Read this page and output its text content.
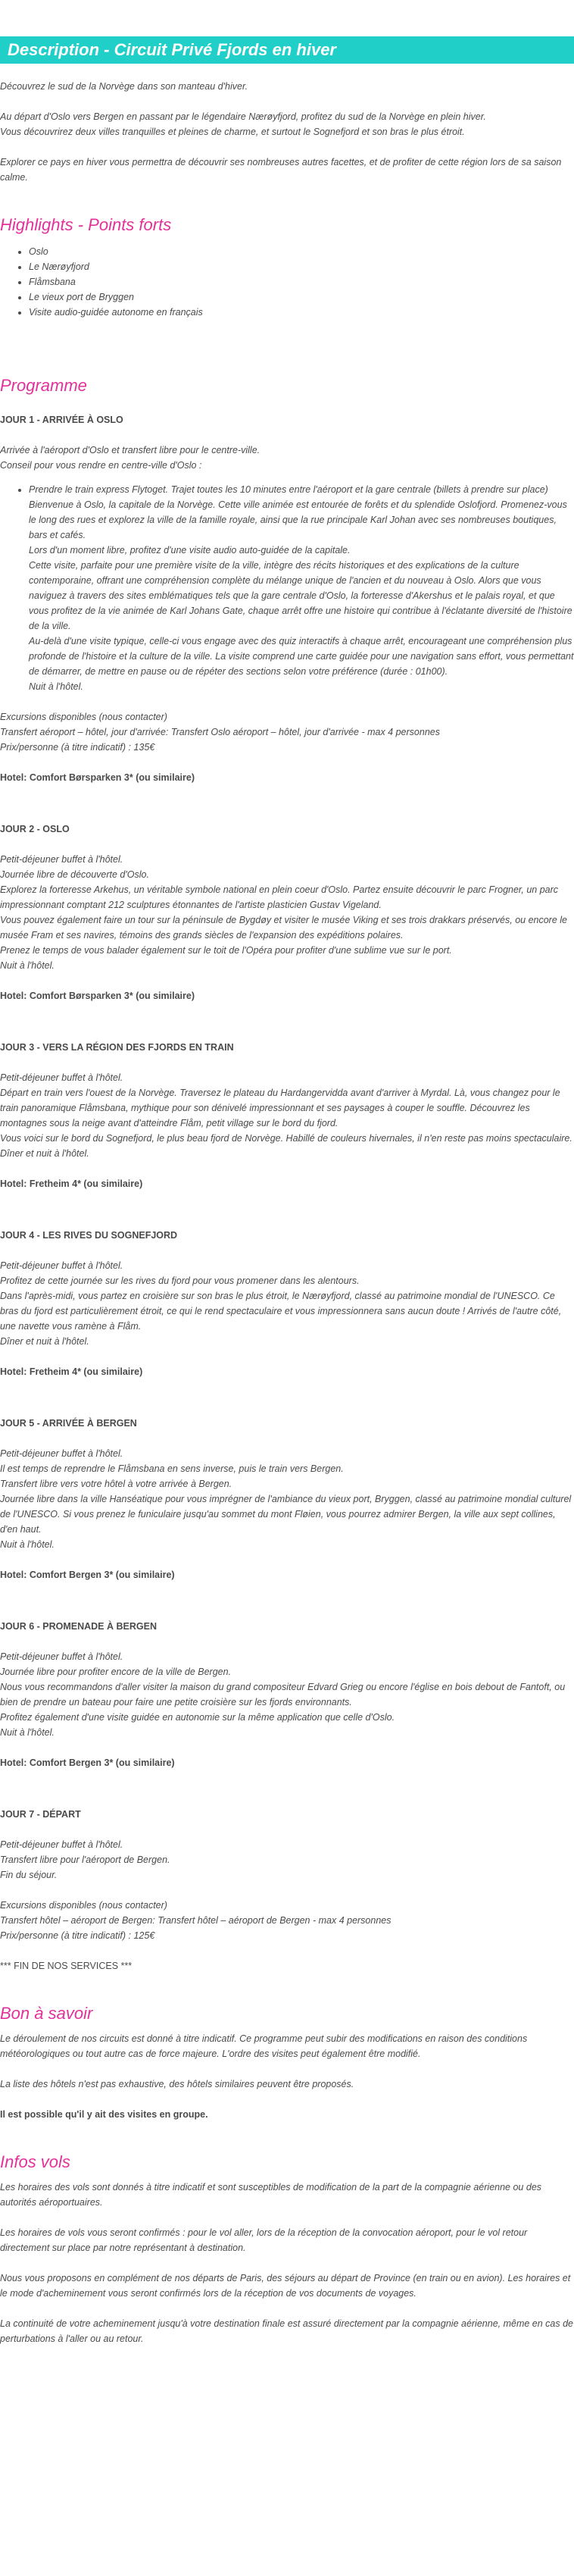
Description - Circuit Privé Fjords en hiver

Découvrez le sud de la Norvège dans son manteau d'hiver.

Au départ d'Oslo vers Bergen en passant par le légendaire Nærøyfjord, profitez du sud de la Norvège en plein hiver.
Vous découvrirez deux villes tranquilles et pleines de charme, et surtout le Sognefjord et son bras le plus étroit.

Explorer ce pays en hiver vous permettra de découvrir ses nombreuses autres facettes, et de profiter de cette région lors de sa saison calme.

Highlights - Points forts
• Oslo
• Le Nærøyfjord
• Flåmsbana
• Le vieux port de Bryggen
• Visite audio-guidée autonome en français
Programme
JOUR 1 - ARRIVÉE À OSLO

Arrivée à l'aéroport d'Oslo et transfert libre pour le centre-ville.
Conseil pour vous rendre en centre-ville d'Oslo :

• Prendre le train express Flytoget. Trajet toutes les 10 minutes entre l'aéroport et la gare centrale (billets à prendre sur place)
Bienvenue à Oslo, la capitale de la Norvège. Cette ville animée est entourée de forêts et du splendide Oslofjord. Promenez-vous le long des rues et explorez la ville de la famille royale, ainsi que la rue principale Karl Johan avec ses nombreuses boutiques, bars et cafés.
Lors d'un moment libre, profitez d'une visite audio auto-guidée de la capitale.
Cette visite, parfaite pour une première visite de la ville, intègre des récits historiques et des explications de la culture contemporaine, offrant une compréhension complète du mélange unique de l'ancien et du nouveau à Oslo. Alors que vous naviguez à travers des sites emblématiques tels que la gare centrale d'Oslo, la forteresse d'Akershus et le palais royal, et que vous profitez de la vie animée de Karl Johans Gate, chaque arrêt offre une histoire qui contribue à l'éclatante diversité de l'histoire de la ville.
Au-delà d'une visite typique, celle-ci vous engage avec des quiz interactifs à chaque arrêt, encourageant une compréhension plus profonde de l'histoire et la culture de la ville. La visite comprend une carte guidée pour une navigation sans effort, vous permettant de démarrer, de mettre en pause ou de répéter des sections selon votre préférence (durée : 01h00).
Nuit à l'hôtel.

Excursions disponibles (nous contacter)
Transfert aéroport – hôtel, jour d'arrivée: Transfert Oslo aéroport – hôtel, jour d'arrivée - max 4 personnes
Prix/personne (à titre indicatif) : 135€

Hotel: Comfort Børsparken 3* (ou similaire)

JOUR 2 - OSLO

Petit-déjeuner buffet à l'hôtel.
Journée libre de découverte d'Oslo.
Explorez la forteresse Arkehus, un véritable symbole national en plein coeur d'Oslo. Partez ensuite découvrir le parc Frogner, un parc impressionnant comptant 212 sculptures étonnantes de l'artiste plasticien Gustav Vigeland.
Vous pouvez également faire un tour sur la péninsule de Bygdøy et visiter le musée Viking et ses trois drakkars préservés, ou encore le musée Fram et ses navires, témoins des grands siècles de l'expansion des expéditions polaires.
Prenez le temps de vous balader également sur le toit de l'Opéra pour profiter d'une sublime vue sur le port.
Nuit à l'hôtel.

Hotel: Comfort Børsparken 3* (ou similaire)

JOUR 3 - VERS LA RÉGION DES FJORDS EN TRAIN

Petit-déjeuner buffet à l'hôtel.
Départ en train vers l'ouest de la Norvège. Traversez le plateau du Hardangervidda avant d'arriver à Myrdal. Là, vous changez pour le train panoramique Flåmsbana, mythique pour son dénivelé impressionnant et ses paysages à couper le souffle. Découvrez les montagnes sous la neige avant d'atteindre Flåm, petit village sur le bord du fjord.
Vous voici sur le bord du Sognefjord, le plus beau fjord de Norvège. Habillé de couleurs hivernales, il n'en reste pas moins spectaculaire.
Dîner et nuit à l'hôtel.

Hotel: Fretheim 4* (ou similaire)

JOUR 4 - LES RIVES DU SOGNEFJORD

Petit-déjeuner buffet à l'hôtel.
Profitez de cette journée sur les rives du fjord pour vous promener dans les alentours.
Dans l'après-midi, vous partez en croisière sur son bras le plus étroit, le Nærøyfjord, classé au patrimoine mondial de l'UNESCO. Ce bras du fjord est particulièrement étroit, ce qui le rend spectaculaire et vous impressionnera sans aucun doute ! Arrivés de l'autre côté, une navette vous ramène à Flåm.
Dîner et nuit à l'hôtel.

Hotel: Fretheim 4* (ou similaire)

JOUR 5 - ARRIVÉE À BERGEN

Petit-déjeuner buffet à l'hôtel.
Il est temps de reprendre le Flåmsbana en sens inverse, puis le train vers Bergen.
Transfert libre vers votre hôtel à votre arrivée à Bergen.
Journée libre dans la ville Hanséatique pour vous imprégner de l'ambiance du vieux port, Bryggen, classé au patrimoine mondial culturel de l'UNESCO. Si vous prenez le funiculaire jusqu'au sommet du mont Fløien, vous pourrez admirer Bergen, la ville aux sept collines, d'en haut.
Nuit à l'hôtel.

Hotel: Comfort Bergen 3* (ou similaire)

JOUR 6 - PROMENADE À BERGEN

Petit-déjeuner buffet à l'hôtel.
Journée libre pour profiter encore de la ville de Bergen.
Nous vous recommandons d'aller visiter la maison du grand compositeur Edvard Grieg ou encore l'église en bois debout de Fantoft, ou bien de prendre un bateau pour faire une petite croisière sur les fjords environnants.
Profitez également d'une visite guidée en autonomie sur la même application que celle d'Oslo.
Nuit à l'hôtel.

Hotel: Comfort Bergen 3* (ou similaire)

JOUR 7 - DÉPART

Petit-déjeuner buffet à l'hôtel.
Transfert libre pour l'aéroport de Bergen.
Fin du séjour.

Excursions disponibles (nous contacter)
Transfert hôtel – aéroport de Bergen: Transfert hôtel – aéroport de Bergen - max 4 personnes
Prix/personne (à titre indicatif) : 125€

*** FIN DE NOS SERVICES ***

Bon à savoir

Le déroulement de nos circuits est donné à titre indicatif. Ce programme peut subir des modifications en raison des conditions météorologiques ou tout autre cas de force majeure. L'ordre des visites peut également être modifié.

La liste des hôtels n'est pas exhaustive, des hôtels similaires peuvent être proposés.

Il est possible qu'il y ait des visites en groupe.

Infos vols

Les horaires des vols sont donnés à titre indicatif et sont susceptibles de modification de la part de la compagnie aérienne ou des autorités aéroportuaires.

Les horaires de vols vous seront confirmés : pour le vol aller, lors de la réception de la convocation aéroport, pour le vol retour directement sur place par notre représentant à destination.

Nous vous proposons en complément de nos départs de Paris, des séjours au départ de Province (en train ou en avion). Les horaires et le mode d'acheminement vous seront confirmés lors de la réception de vos documents de voyages.

La continuité de votre acheminement jusqu'à votre destination finale est assuré directement par la compagnie aérienne, même en cas de perturbations à l'aller ou au retour.
